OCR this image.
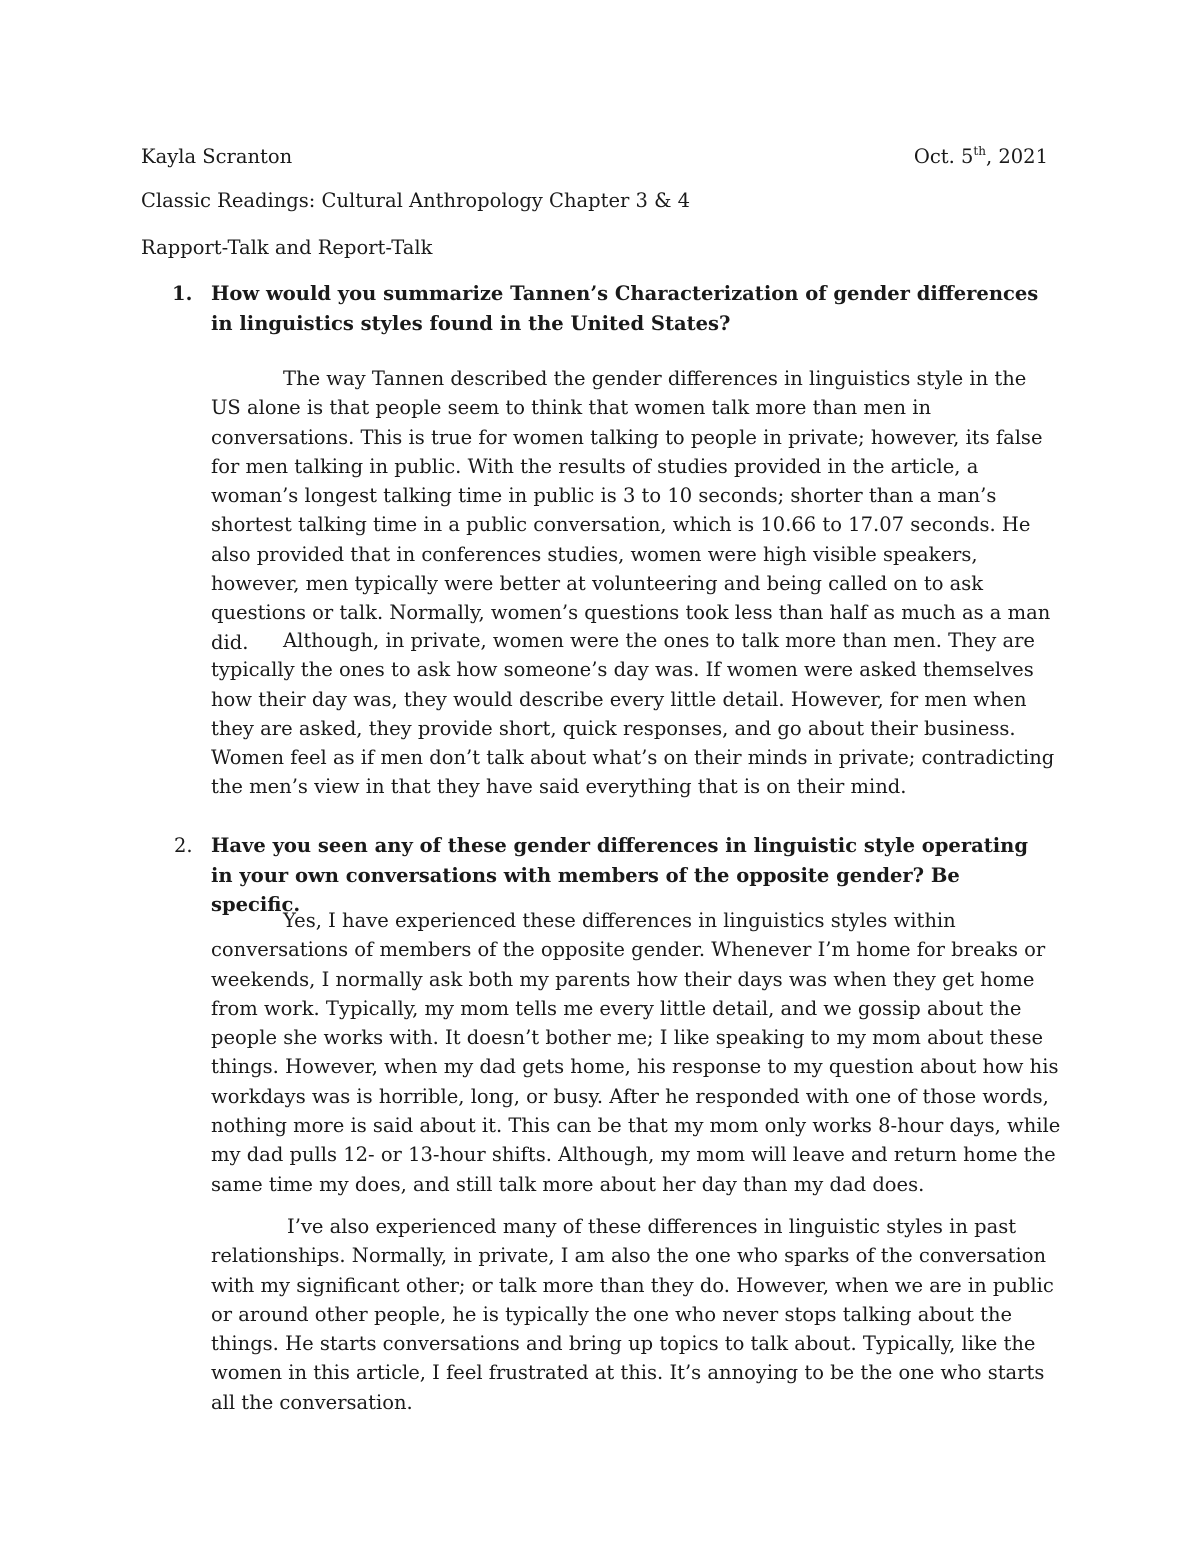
Kayla Scranton	Oct. 5th, 2021
Classic Readings: Cultural Anthropology Chapter 3 & 4
Rapport-Talk and Report-Talk
1. How would you summarize Tannen’s Characterization of gender differences in linguistics styles found in the United States?
The way Tannen described the gender differences in linguistics style in the US alone is that people seem to think that women talk more than men in conversations. This is true for women talking to people in private; however, its false for men talking in public. With the results of studies provided in the article, a woman’s longest talking time in public is 3 to 10 seconds; shorter than a man’s shortest talking time in a public conversation, which is 10.66 to 17.07 seconds. He also provided that in conferences studies, women were high visible speakers, however, men typically were better at volunteering and being called on to ask questions or talk. Normally, women’s questions took less than half as much as a man did.	Although, in private, women were the ones to talk more than men. They are typically the ones to ask how someone’s day was. If women were asked themselves how their day was, they would describe every little detail. However, for men when they are asked, they provide short, quick responses, and go about their business. Women feel as if men don’t talk about what’s on their minds in private; contradicting the men’s view in that they have said everything that is on their mind.
2. Have you seen any of these gender differences in linguistic style operating in your own conversations with members of the opposite gender? Be specific.
Yes, I have experienced these differences in linguistics styles within conversations of members of the opposite gender. Whenever I’m home for breaks or weekends, I normally ask both my parents how their days was when they get home from work. Typically, my mom tells me every little detail, and we gossip about the people she works with. It doesn’t bother me; I like speaking to my mom about these things. However, when my dad gets home, his response to my question about how his workdays was is horrible, long, or busy. After he responded with one of those words, nothing more is said about it. This can be that my mom only works 8-hour days, while my dad pulls 12- or 13-hour shifts. Although, my mom will leave and return home the same time my does, and still talk more about her day than my dad does.
I’ve also experienced many of these differences in linguistic styles in past relationships. Normally, in private, I am also the one who sparks of the conversation with my significant other; or talk more than they do. However, when we are in public or around other people, he is typically the one who never stops talking about the things. He starts conversations and bring up topics to talk about. Typically, like the women in this article, I feel frustrated at this. It’s annoying to be the one who starts all the conversation.
